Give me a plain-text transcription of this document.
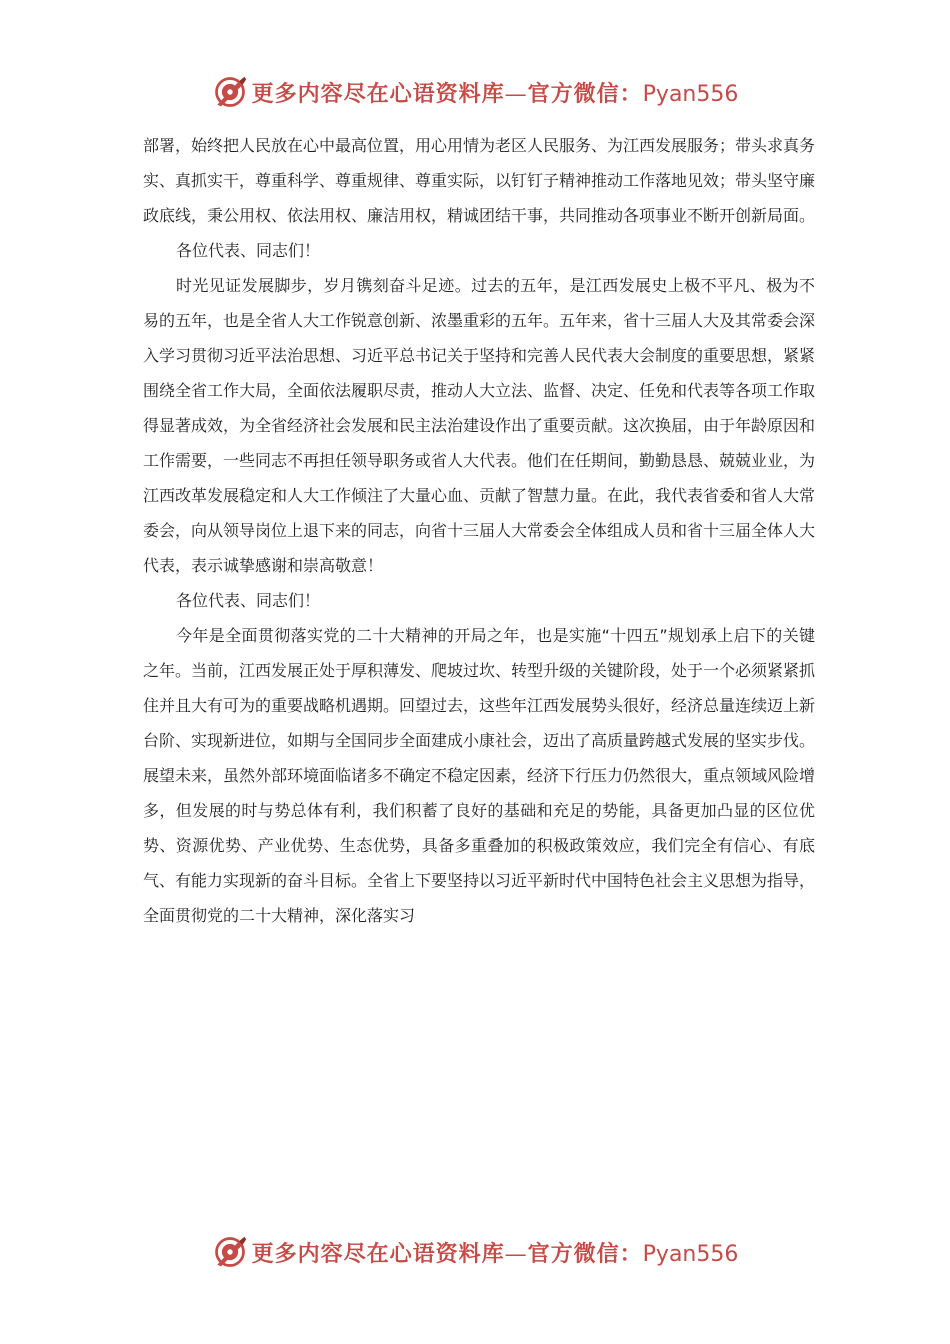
更多内容尽在心语资料库—官方微信：Pyan556

部署，始终把人民放在心中最高位置，用心用情为老区人民服务、为江西发展服务；带头求真务实、真抓实干，尊重科学、尊重规律、尊重实际，以钉钉子精神推动工作落地见效；带头坚守廉政底线，秉公用权、依法用权、廉洁用权，精诚团结干事，共同推动各项事业不断开创新局面。

各位代表、同志们！

时光见证发展脚步，岁月镌刻奋斗足迹。过去的五年，是江西发展史上极不平凡、极为不易的五年，也是全省人大工作锐意创新、浓墨重彩的五年。五年来，省十三届人大及其常委会深入学习贯彻习近平法治思想、习近平总书记关于坚持和完善人民代表大会制度的重要思想，紧紧围绕全省工作大局，全面依法履职尽责，推动人大立法、监督、决定、任免和代表等各项工作取得显著成效，为全省经济社会发展和民主法治建设作出了重要贡献。这次换届，由于年龄原因和工作需要，一些同志不再担任领导职务或省人大代表。他们在任期间，勤勤恳恳、兢兢业业，为江西改革发展稳定和人大工作倾注了大量心血、贡献了智慧力量。在此，我代表省委和省人大常委会，向从领导岗位上退下来的同志，向省十三届人大常委会全体组成人员和省十三届全体人大代表，表示诚挚感谢和崇高敬意！

各位代表、同志们！

今年是全面贯彻落实党的二十大精神的开局之年，也是实施“十四五”规划承上启下的关键之年。当前，江西发展正处于厚积薄发、爬坡过坎、转型升级的关键阶段，处于一个必须紧紧抓住并且大有可为的重要战略机遇期。回望过去，这些年江西发展势头很好，经济总量连续迈上新台阶、实现新进位，如期与全国同步全面建成小康社会，迈出了高质量跨越式发展的坚实步伐。展望未来，虽然外部环境面临诸多不确定不稳定因素，经济下行压力仍然很大，重点领域风险增多，但发展的时与势总体有利，我们积蓄了良好的基础和充足的势能，具备更加凸显的区位优势、资源优势、产业优势、生态优势，具备多重叠加的积极政策效应，我们完全有信心、有底气、有能力实现新的奋斗目标。全省上下要坚持以习近平新时代中国特色社会主义思想为指导，全面贯彻党的二十大精神，深化落实习

更多内容尽在心语资料库—官方微信：Pyan556
